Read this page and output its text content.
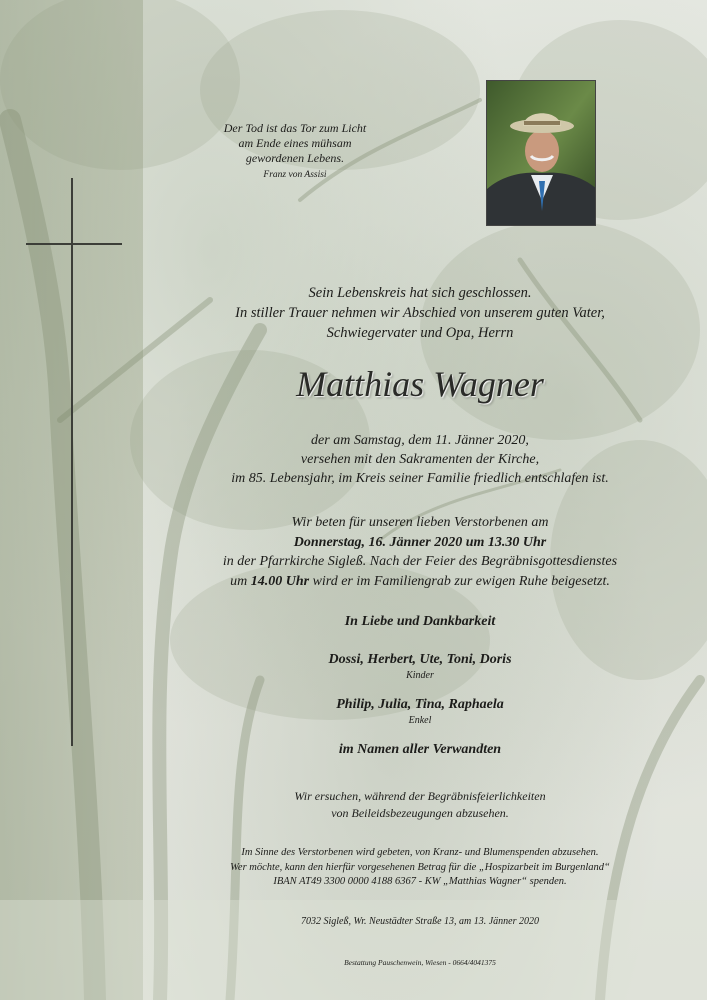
Der Tod ist das Tor zum Licht
am Ende eines mühsam
gewordenen Lebens.
Franz von Assisi

Sein Lebenskreis hat sich geschlossen.
In stiller Trauer nehmen wir Abschied von unserem guten Vater,
Schwiegervater und Opa, Herrn

Matthias Wagner

der am Samstag, dem 11. Jänner 2020,
versehen mit den Sakramenten der Kirche,
im 85. Lebensjahr, im Kreis seiner Familie friedlich entschlafen ist.

Wir beten für unseren lieben Verstorbenen am
Donnerstag, 16. Jänner 2020 um 13.30 Uhr
in der Pfarrkirche Sigleß. Nach der Feier des Begräbnisgottesdienstes
um 14.00 Uhr wird er im Familiengrab zur ewigen Ruhe beigesetzt.

In Liebe und Dankbarkeit

Dossi, Herbert, Ute, Toni, Doris

Kinder

Philip, Julia, Tina, Raphaela

Enkel

im Namen aller Verwandten

Wir ersuchen, während der Begräbnisfeierlichkeiten
von Beileidsbezeugungen abzusehen.

Im Sinne des Verstorbenen wird gebeten, von Kranz- und Blumenspenden abzusehen.
Wer möchte, kann den hierfür vorgesehenen Betrag für die „Hospizarbeit im Burgenland“
IBAN AT49 3300 0000 4188 6367 - KW „Matthias Wagner“ spenden.

7032 Sigleß, Wr. Neustädter Straße 13, am 13. Jänner 2020

Bestattung Pauschenwein, Wiesen - 0664/4041375
